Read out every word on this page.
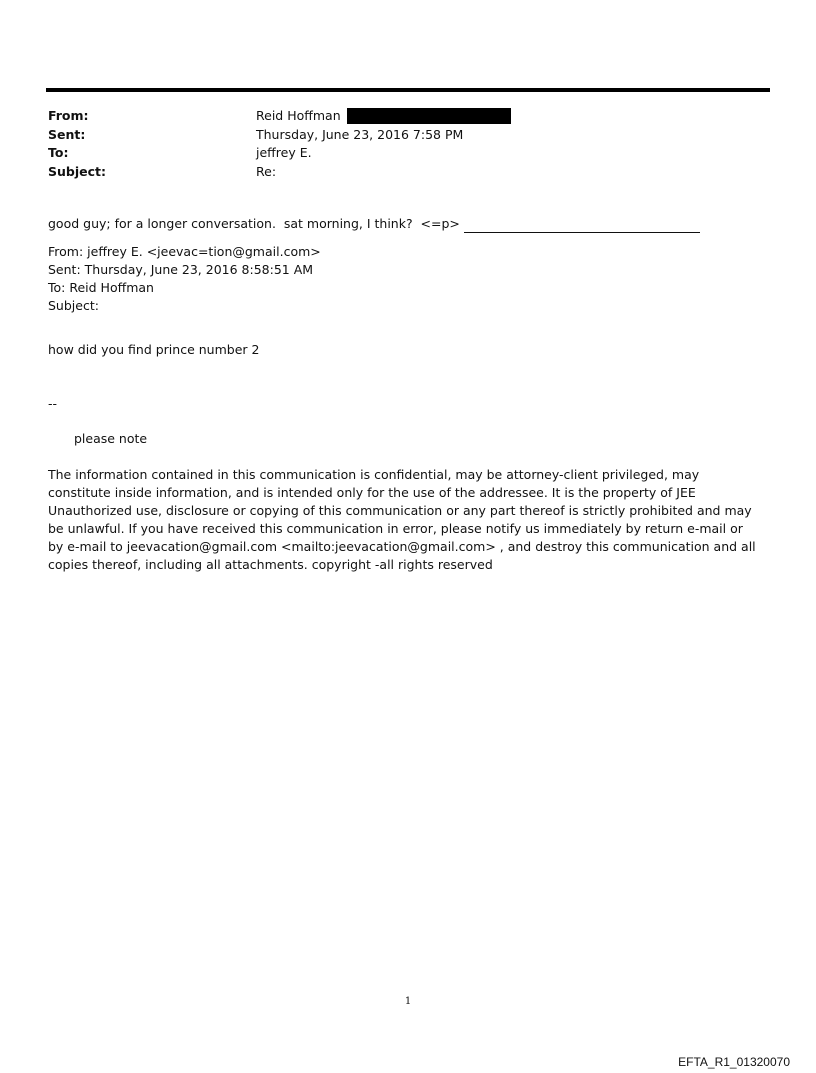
From:	Reid Hoffman
Sent:	Thursday, June 23, 2016 7:58 PM
To:	jeffrey E.
Subject:	Re:

good guy; for a longer conversation.  sat morning, I think?  <=p>

From: jeffrey E. <jeevac=tion@gmail.com>
Sent: Thursday, June 23, 2016 8:58:51 AM
To: Reid Hoffman
Subject:

how did you find prince number 2

--

please note

The information contained in this communication is confidential, may be attorney-client privileged, may constitute inside information, and is intended only for the use of the addressee. It is the property of JEE Unauthorized use, disclosure or copying of this communication or any part thereof is strictly prohibited and may be unlawful. If you have received this communication in error, please notify us immediately by return e-mail or by e-mail to jeevacation@gmail.com <mailto:jeevacation@gmail.com> , and destroy this communication and all copies thereof, including all attachments. copyright -all rights reserved

1
EFTA_R1_01320070
